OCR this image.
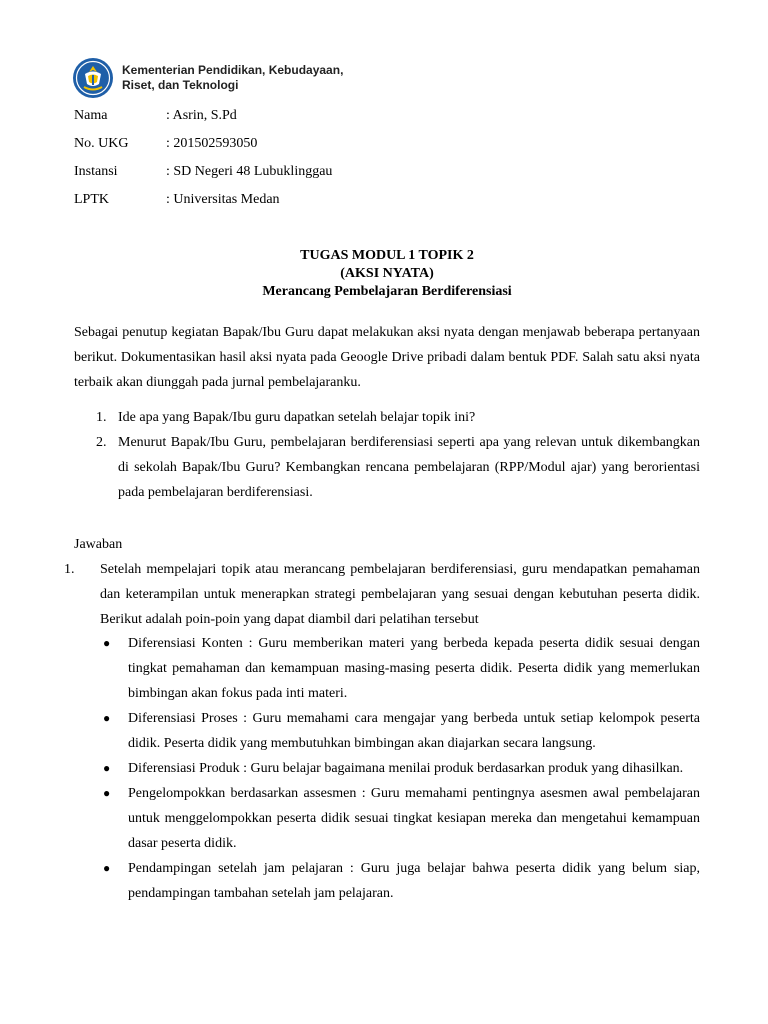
Kementerian Pendidikan, Kebudayaan,
Riset, dan Teknologi
Nama	: Asrin, S.Pd
No. UKG	: 201502593050
Instansi	: SD Negeri 48 Lubuklinggau
LPTK	: Universitas Medan
TUGAS MODUL 1 TOPIK 2
(AKSI NYATA)
Merancang Pembelajaran Berdiferensiasi

Sebagai penutup kegiatan Bapak/Ibu Guru dapat melakukan aksi nyata dengan menjawab beberapa pertanyaan berikut. Dokumentasikan hasil aksi nyata pada Geoogle Drive pribadi dalam bentuk PDF. Salah satu aksi nyata terbaik akan diunggah pada jurnal pembelajaranku.

1. Ide apa yang Bapak/Ibu guru dapatkan setelah belajar topik ini?
2. Menurut Bapak/Ibu Guru, pembelajaran berdiferensiasi seperti apa yang relevan untuk dikembangkan di sekolah Bapak/Ibu Guru? Kembangkan rencana pembelajaran (RPP/Modul ajar) yang berorientasi pada pembelajaran berdiferensiasi.
Jawaban
1.	Setelah mempelajari topik atau merancang pembelajaran berdiferensiasi, guru mendapatkan pemahaman dan keterampilan untuk menerapkan strategi pembelajaran yang sesuai dengan kebutuhan peserta didik. Berikut adalah poin-poin yang dapat diambil dari pelatihan tersebut
●	Diferensiasi Konten : Guru memberikan materi yang berbeda kepada peserta didik sesuai dengan tingkat pemahaman dan kemampuan masing-masing peserta didik. Peserta didik yang memerlukan bimbingan akan fokus pada inti materi.
●	Diferensiasi Proses : Guru memahami cara mengajar yang berbeda untuk setiap kelompok peserta didik. Peserta didik yang membutuhkan bimbingan akan diajarkan secara langsung.
●	Diferensiasi Produk : Guru belajar bagaimana menilai produk berdasarkan produk yang dihasilkan.
●	Pengelompokkan berdasarkan assesmen : Guru memahami pentingnya asesmen awal pembelajaran untuk menggelompokkan peserta didik sesuai tingkat kesiapan mereka dan mengetahui kemampuan dasar peserta didik.
●	Pendampingan setelah jam pelajaran : Guru juga belajar bahwa peserta didik yang belum siap, pendampingan tambahan setelah jam pelajaran.
